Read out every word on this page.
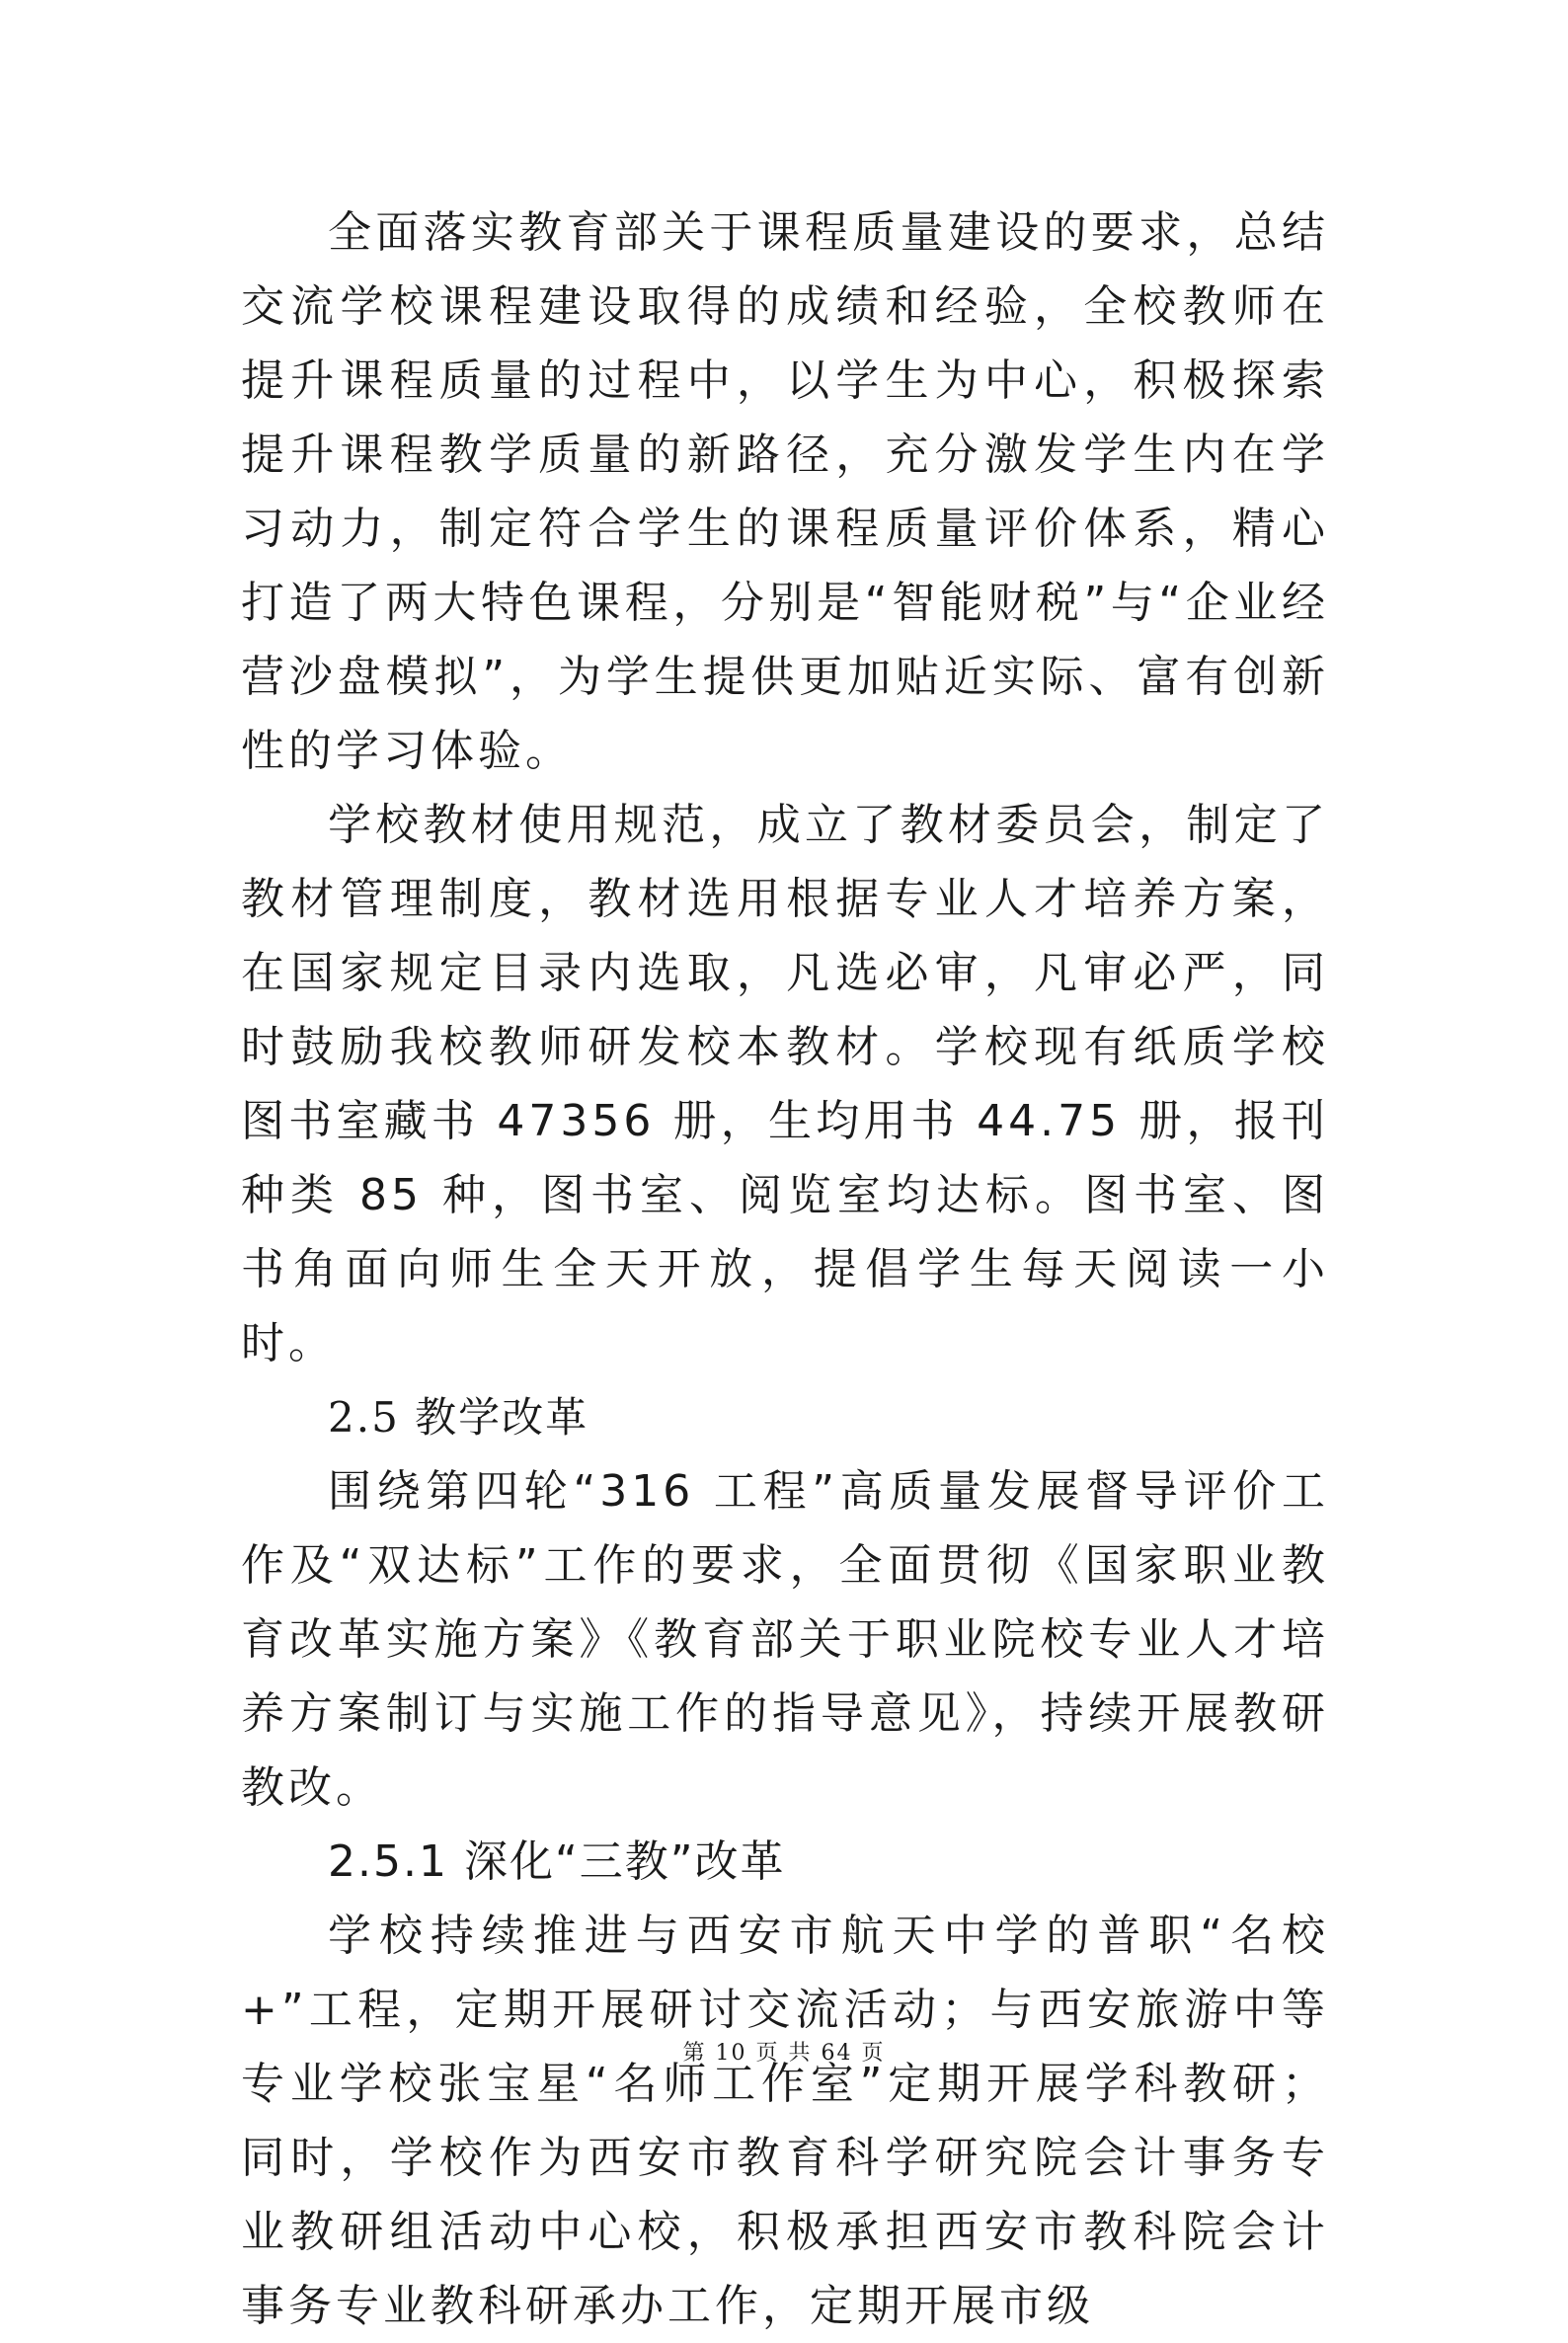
全面落实教育部关于课程质量建设的要求，总结交流学校课程建设取得的成绩和经验，全校教师在提升课程质量的过程中，以学生为中心，积极探索提升课程教学质量的新路径，充分激发学生内在学习动力，制定符合学生的课程质量评价体系，精心打造了两大特色课程，分别是“智能财税”与“企业经营沙盘模拟”，为学生提供更加贴近实际、富有创新性的学习体验。

学校教材使用规范，成立了教材委员会，制定了教材管理制度，教材选用根据专业人才培养方案，在国家规定目录内选取，凡选必审，凡审必严，同时鼓励我校教师研发校本教材。学校现有纸质学校图书室藏书 47356 册，生均用书 44.75 册，报刊种类 85 种，图书室、阅览室均达标。图书室、图书角面向师生全天开放，提倡学生每天阅读一小时。

2.5 教学改革

围绕第四轮“316 工程”高质量发展督导评价工作及“双达标”工作的要求，全面贯彻《国家职业教育改革实施方案》《教育部关于职业院校专业人才培养方案制订与实施工作的指导意见》，持续开展教研教改。

2.5.1 深化“三教”改革

学校持续推进与西安市航天中学的普职“名校+”工程，定期开展研讨交流活动；与西安旅游中等专业学校张宝星“名师工作室”定期开展学科教研；同时，学校作为西安市教育科学研究院会计事务专业教研组活动中心校，积极承担西安市教科院会计事务专业教科研承办工作，定期开展市级

第 10 页 共 64 页
